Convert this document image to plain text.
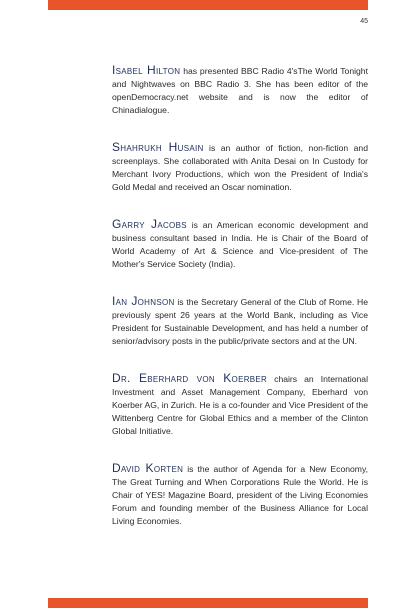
45

Isabel Hilton has presented BBC Radio 4'sThe World Tonight and Nightwaves on BBC Radio 3. She has been editor of the openDemocracy.net website and is now the editor of Chinadialogue.

Shahrukh Husain is an author of fiction, non-fiction and screenplays. She collaborated with Anita Desai on In Custody for Merchant Ivory Productions, which won the President of India's Gold Medal and received an Oscar nomination.

Garry Jacobs is an American economic development and business consultant based in India. He is Chair of the Board of World Academy of Art & Science and Vice-president of The Mother's Service Society (India).

Ian Johnson is the Secretary General of the Club of Rome. He previously spent 26 years at the World Bank, including as Vice President for Sustainable Development, and has held a number of senior/advisory posts in the public/private sectors and at the UN.

Dr. Eberhard von Koerber chairs an International Investment and Asset Management Company, Eberhard von Koerber AG, in Zurich. He is a co-founder and Vice President of the Wittenberg Centre for Global Ethics and a member of the Clinton Global Initiative.

David Korten is the author of Agenda for a New Economy, The Great Turning and When Corporations Rule the World. He is Chair of YES! Magazine Board, president of the Living Economies Forum and founding member of the Business Alliance for Local Living Economies.
